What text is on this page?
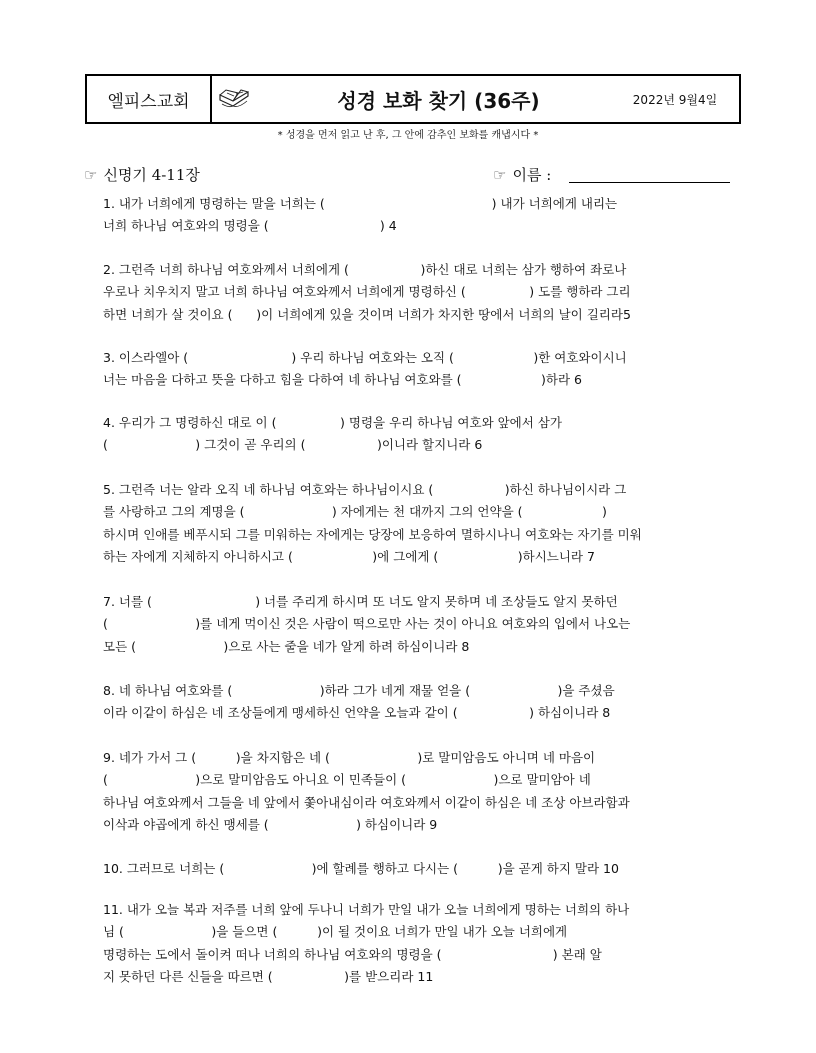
엘피스교회	성경 보화 찾기 (36주)	2022년 9월4일
* 성경을 먼저 읽고 난 후, 그 안에 감추인 보화를 캐냅시다 *
☞ 신명기 4-11장	☞ 이름 :
1. 내가 너희에게 명령하는 말을 너희는 (                                          ) 내가 너희에게 내리는
너희 하나님 여호와의 명령을 (                            ) 4
2. 그런즉 너희 하나님 여호와께서 너희에게 (                  )하신 대로 너희는 삼가 행하여 좌로나
우로나 치우치지 말고 너희 하나님 여호와께서 너희에게 명령하신 (                ) 도를 행하라 그리
하면 너희가 살 것이요 (      )이 너희에게 있을 것이며 너희가 차지한 땅에서 너희의 날이 길리라5
3. 이스라엘아 (                          ) 우리 하나님 여호와는 오직 (                    )한 여호와이시니
너는 마음을 다하고 뜻을 다하고 힘을 다하여 네 하나님 여호와를 (                    )하라 6
4. 우리가 그 명령하신 대로 이 (                ) 명령을 우리 하나님 여호와 앞에서 삼가
(                      ) 그것이 곧 우리의 (                  )이니라 할지니라 6
5. 그런즉 너는 알라 오직 네 하나님 여호와는 하나님이시요 (                  )하신 하나님이시라 그
를 사랑하고 그의 계명을 (                      ) 자에게는 천 대까지 그의 언약을 (                    )
하시며 인애를 베푸시되 그를 미워하는 자에게는 당장에 보응하여 멸하시나니 여호와는 자기를 미워
하는 자에게 지체하지 아니하시고 (                    )에 그에게 (                    )하시느니라 7
7. 너를 (                          ) 너를 주리게 하시며 또 너도 알지 못하며 네 조상들도 알지 못하던
(                      )를 네게 먹이신 것은 사람이 떡으로만 사는 것이 아니요 여호와의 입에서 나오는
모든 (                      )으로 사는 줄을 네가 알게 하려 하심이니라 8
8. 네 하나님 여호와를 (                      )하라 그가 네게 재물 얻을 (                      )을 주셨음
이라 이같이 하심은 네 조상들에게 맹세하신 언약을 오늘과 같이 (                  ) 하심이니라 8
9. 네가 가서 그 (          )을 차지함은 네 (                      )로 말미암음도 아니며 네 마음이
(                      )으로 말미암음도 아니요 이 민족들이 (                      )으로 말미암아 네
하나님 여호와께서 그들을 네 앞에서 쫓아내심이라 여호와께서 이같이 하심은 네 조상 아브라함과
이삭과 야곱에게 하신 맹세를 (                      ) 하심이니라 9
10. 그러므로 너희는 (                      )에 할례를 행하고 다시는 (          )을 곧게 하지 말라 10
11. 내가 오늘 복과 저주를 너희 앞에 두나니 너희가 만일 내가 오늘 너희에게 명하는 너희의 하나
님 (                      )을 들으면 (          )이 될 것이요 너희가 만일 내가 오늘 너희에게
명령하는 도에서 돌이켜 떠나 너희의 하나님 여호와의 명령을 (                            ) 본래 알
지 못하던 다른 신들을 따르면 (                  )를 받으리라 11
